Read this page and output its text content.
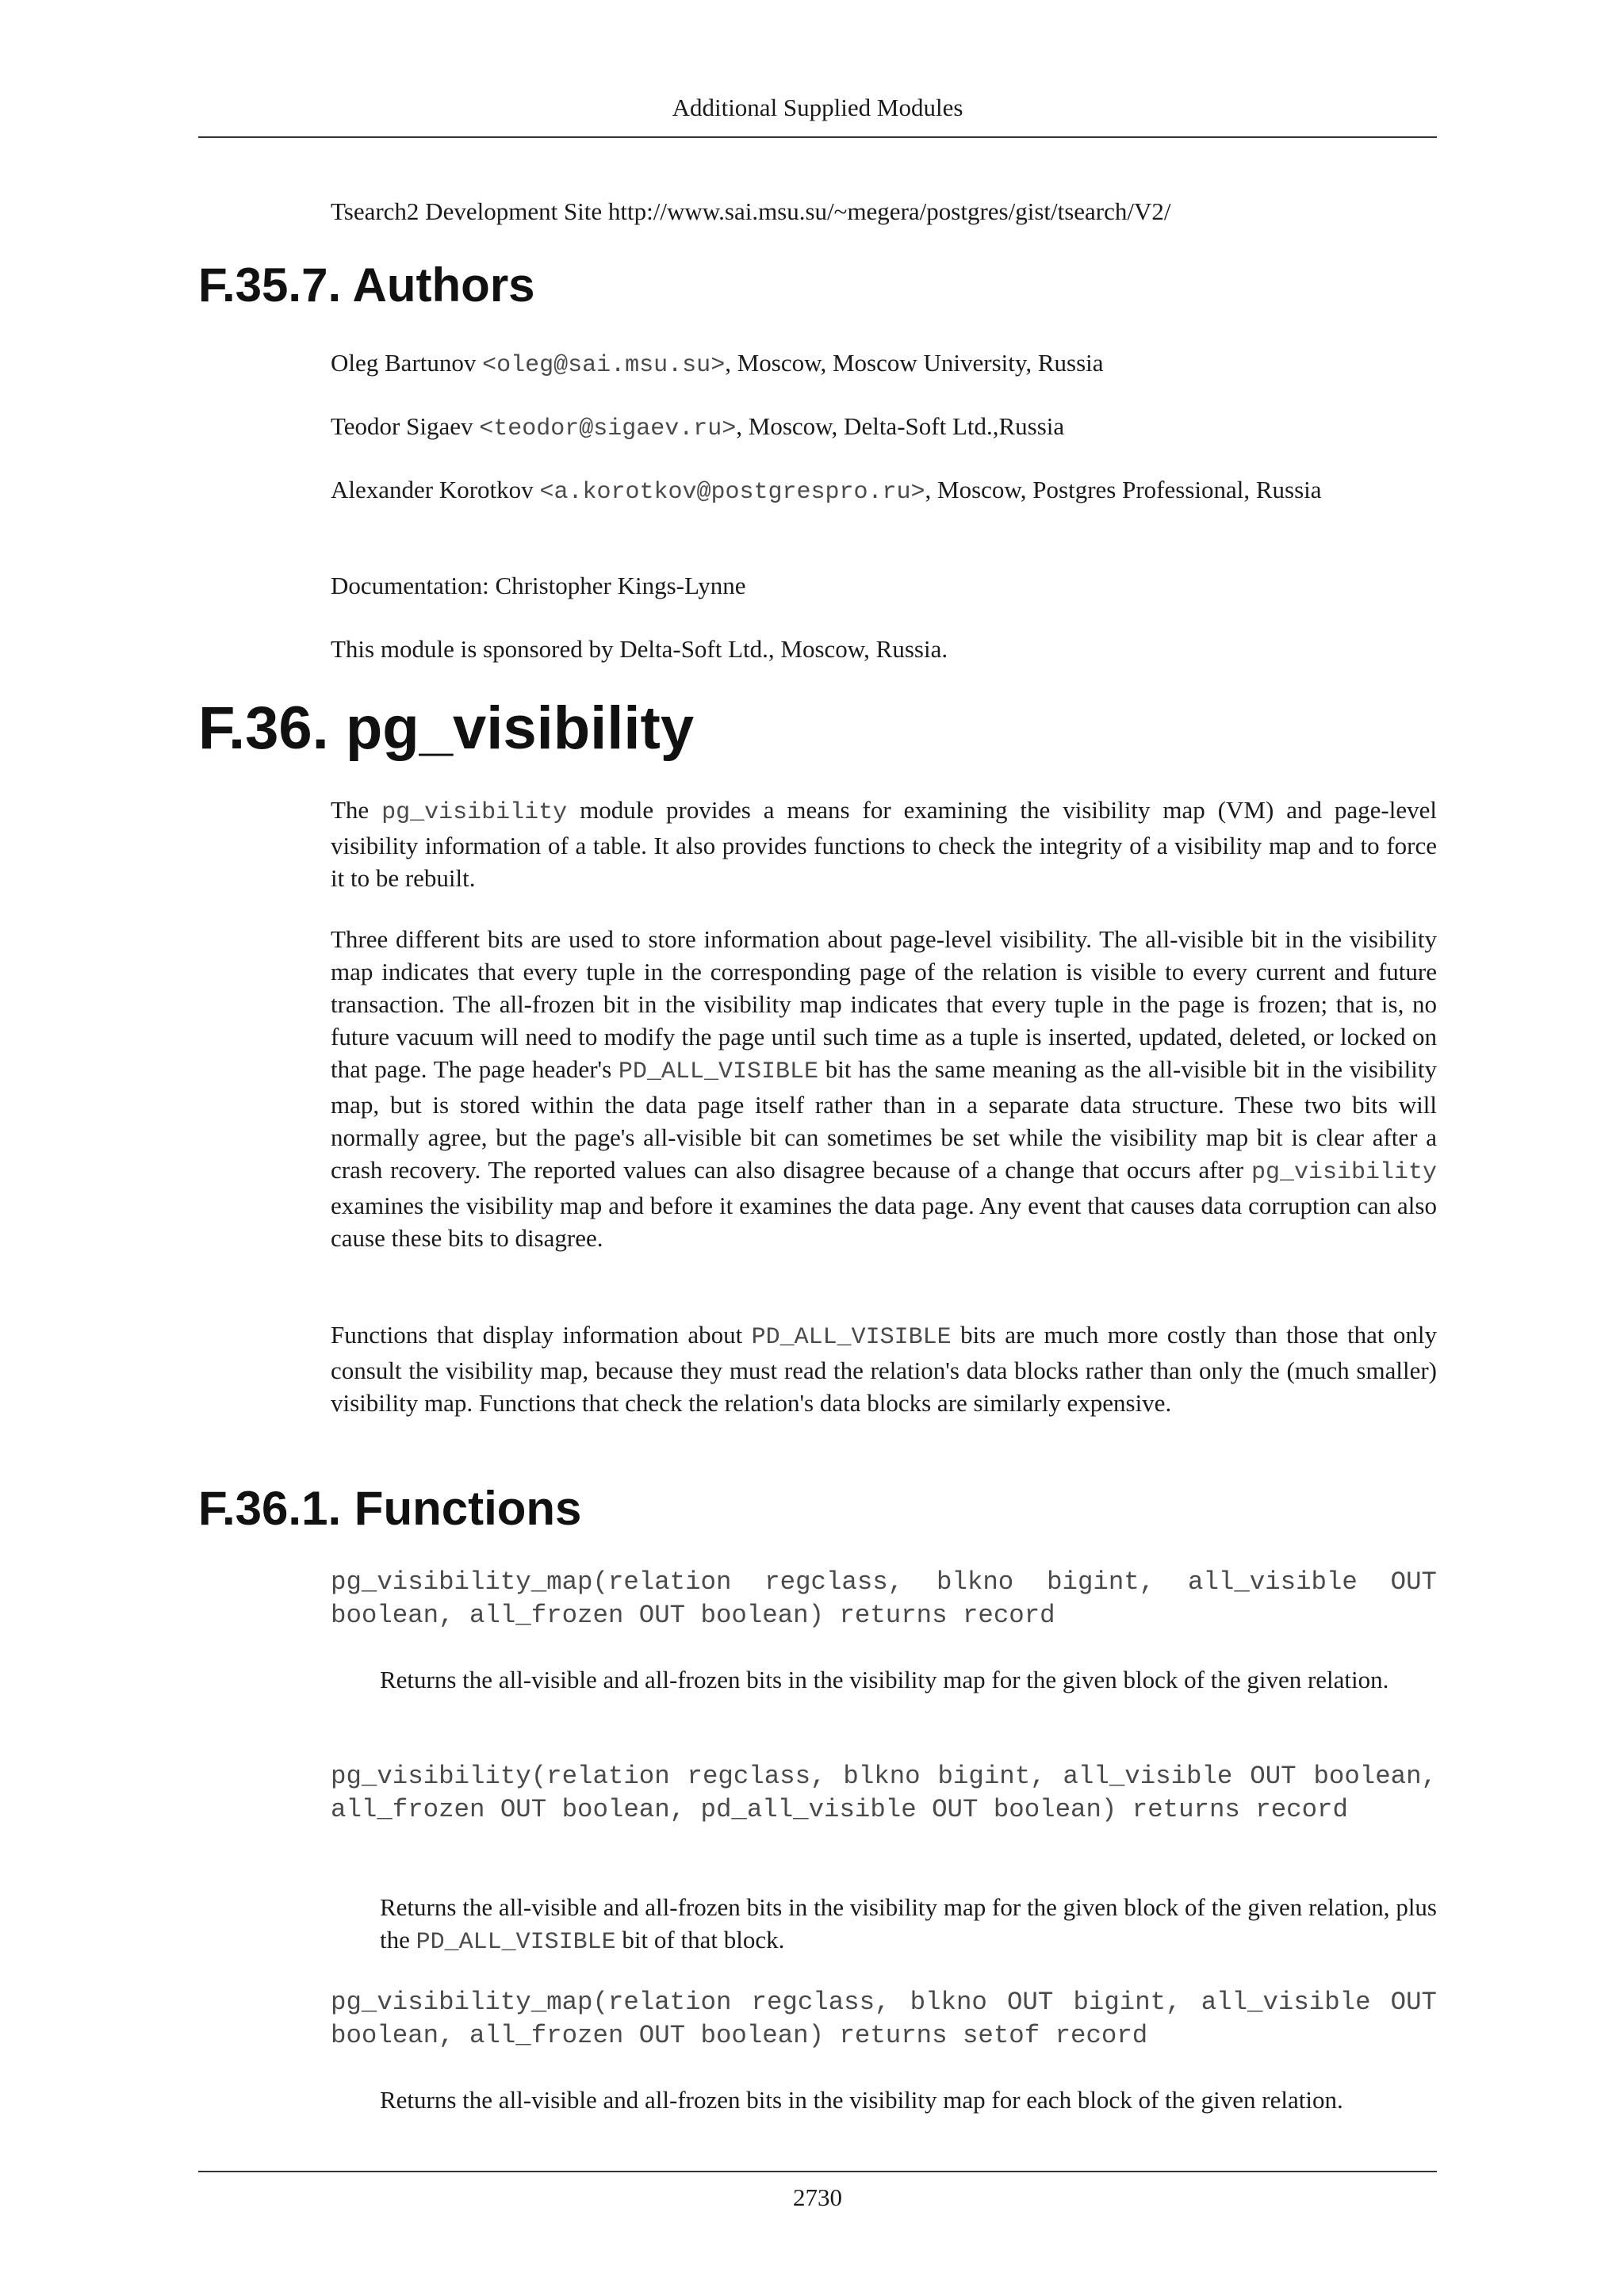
Additional Supplied Modules

Tsearch2 Development Site http://www.sai.msu.su/~megera/postgres/gist/tsearch/V2/

F.35.7. Authors

Oleg Bartunov <oleg@sai.msu.su>, Moscow, Moscow University, Russia

Teodor Sigaev <teodor@sigaev.ru>, Moscow, Delta-Soft Ltd.,Russia

Alexander Korotkov <a.korotkov@postgrespro.ru>, Moscow, Postgres Professional, Russia

Documentation: Christopher Kings-Lynne

This module is sponsored by Delta-Soft Ltd., Moscow, Russia.

F.36. pg_visibility

The pg_visibility module provides a means for examining the visibility map (VM) and page-level visibility information of a table. It also provides functions to check the integrity of a visibility map and to force it to be rebuilt.

Three different bits are used to store information about page-level visibility. The all-visible bit in the visibility map indicates that every tuple in the corresponding page of the relation is visible to every current and future transaction. The all-frozen bit in the visibility map indicates that every tuple in the page is frozen; that is, no future vacuum will need to modify the page until such time as a tuple is inserted, updated, deleted, or locked on that page. The page header's PD_ALL_VISIBLE bit has the same meaning as the all-visible bit in the visibility map, but is stored within the data page itself rather than in a separate data structure. These two bits will normally agree, but the page's all-visible bit can sometimes be set while the visibility map bit is clear after a crash recovery. The reported values can also disagree because of a change that occurs after pg_visibility examines the visibility map and before it examines the data page. Any event that causes data corruption can also cause these bits to disagree.

Functions that display information about PD_ALL_VISIBLE bits are much more costly than those that only consult the visibility map, because they must read the relation's data blocks rather than only the (much smaller) visibility map. Functions that check the relation's data blocks are similarly expensive.

F.36.1. Functions

pg_visibility_map(relation regclass, blkno bigint, all_visible OUT boolean, all_frozen OUT boolean) returns record

Returns the all-visible and all-frozen bits in the visibility map for the given block of the given relation.

pg_visibility(relation regclass, blkno bigint, all_visible OUT boolean, all_frozen OUT boolean, pd_all_visible OUT boolean) returns record

Returns the all-visible and all-frozen bits in the visibility map for the given block of the given relation, plus the PD_ALL_VISIBLE bit of that block.

pg_visibility_map(relation regclass, blkno OUT bigint, all_visible OUT boolean, all_frozen OUT boolean) returns setof record

Returns the all-visible and all-frozen bits in the visibility map for each block of the given relation.

2730
